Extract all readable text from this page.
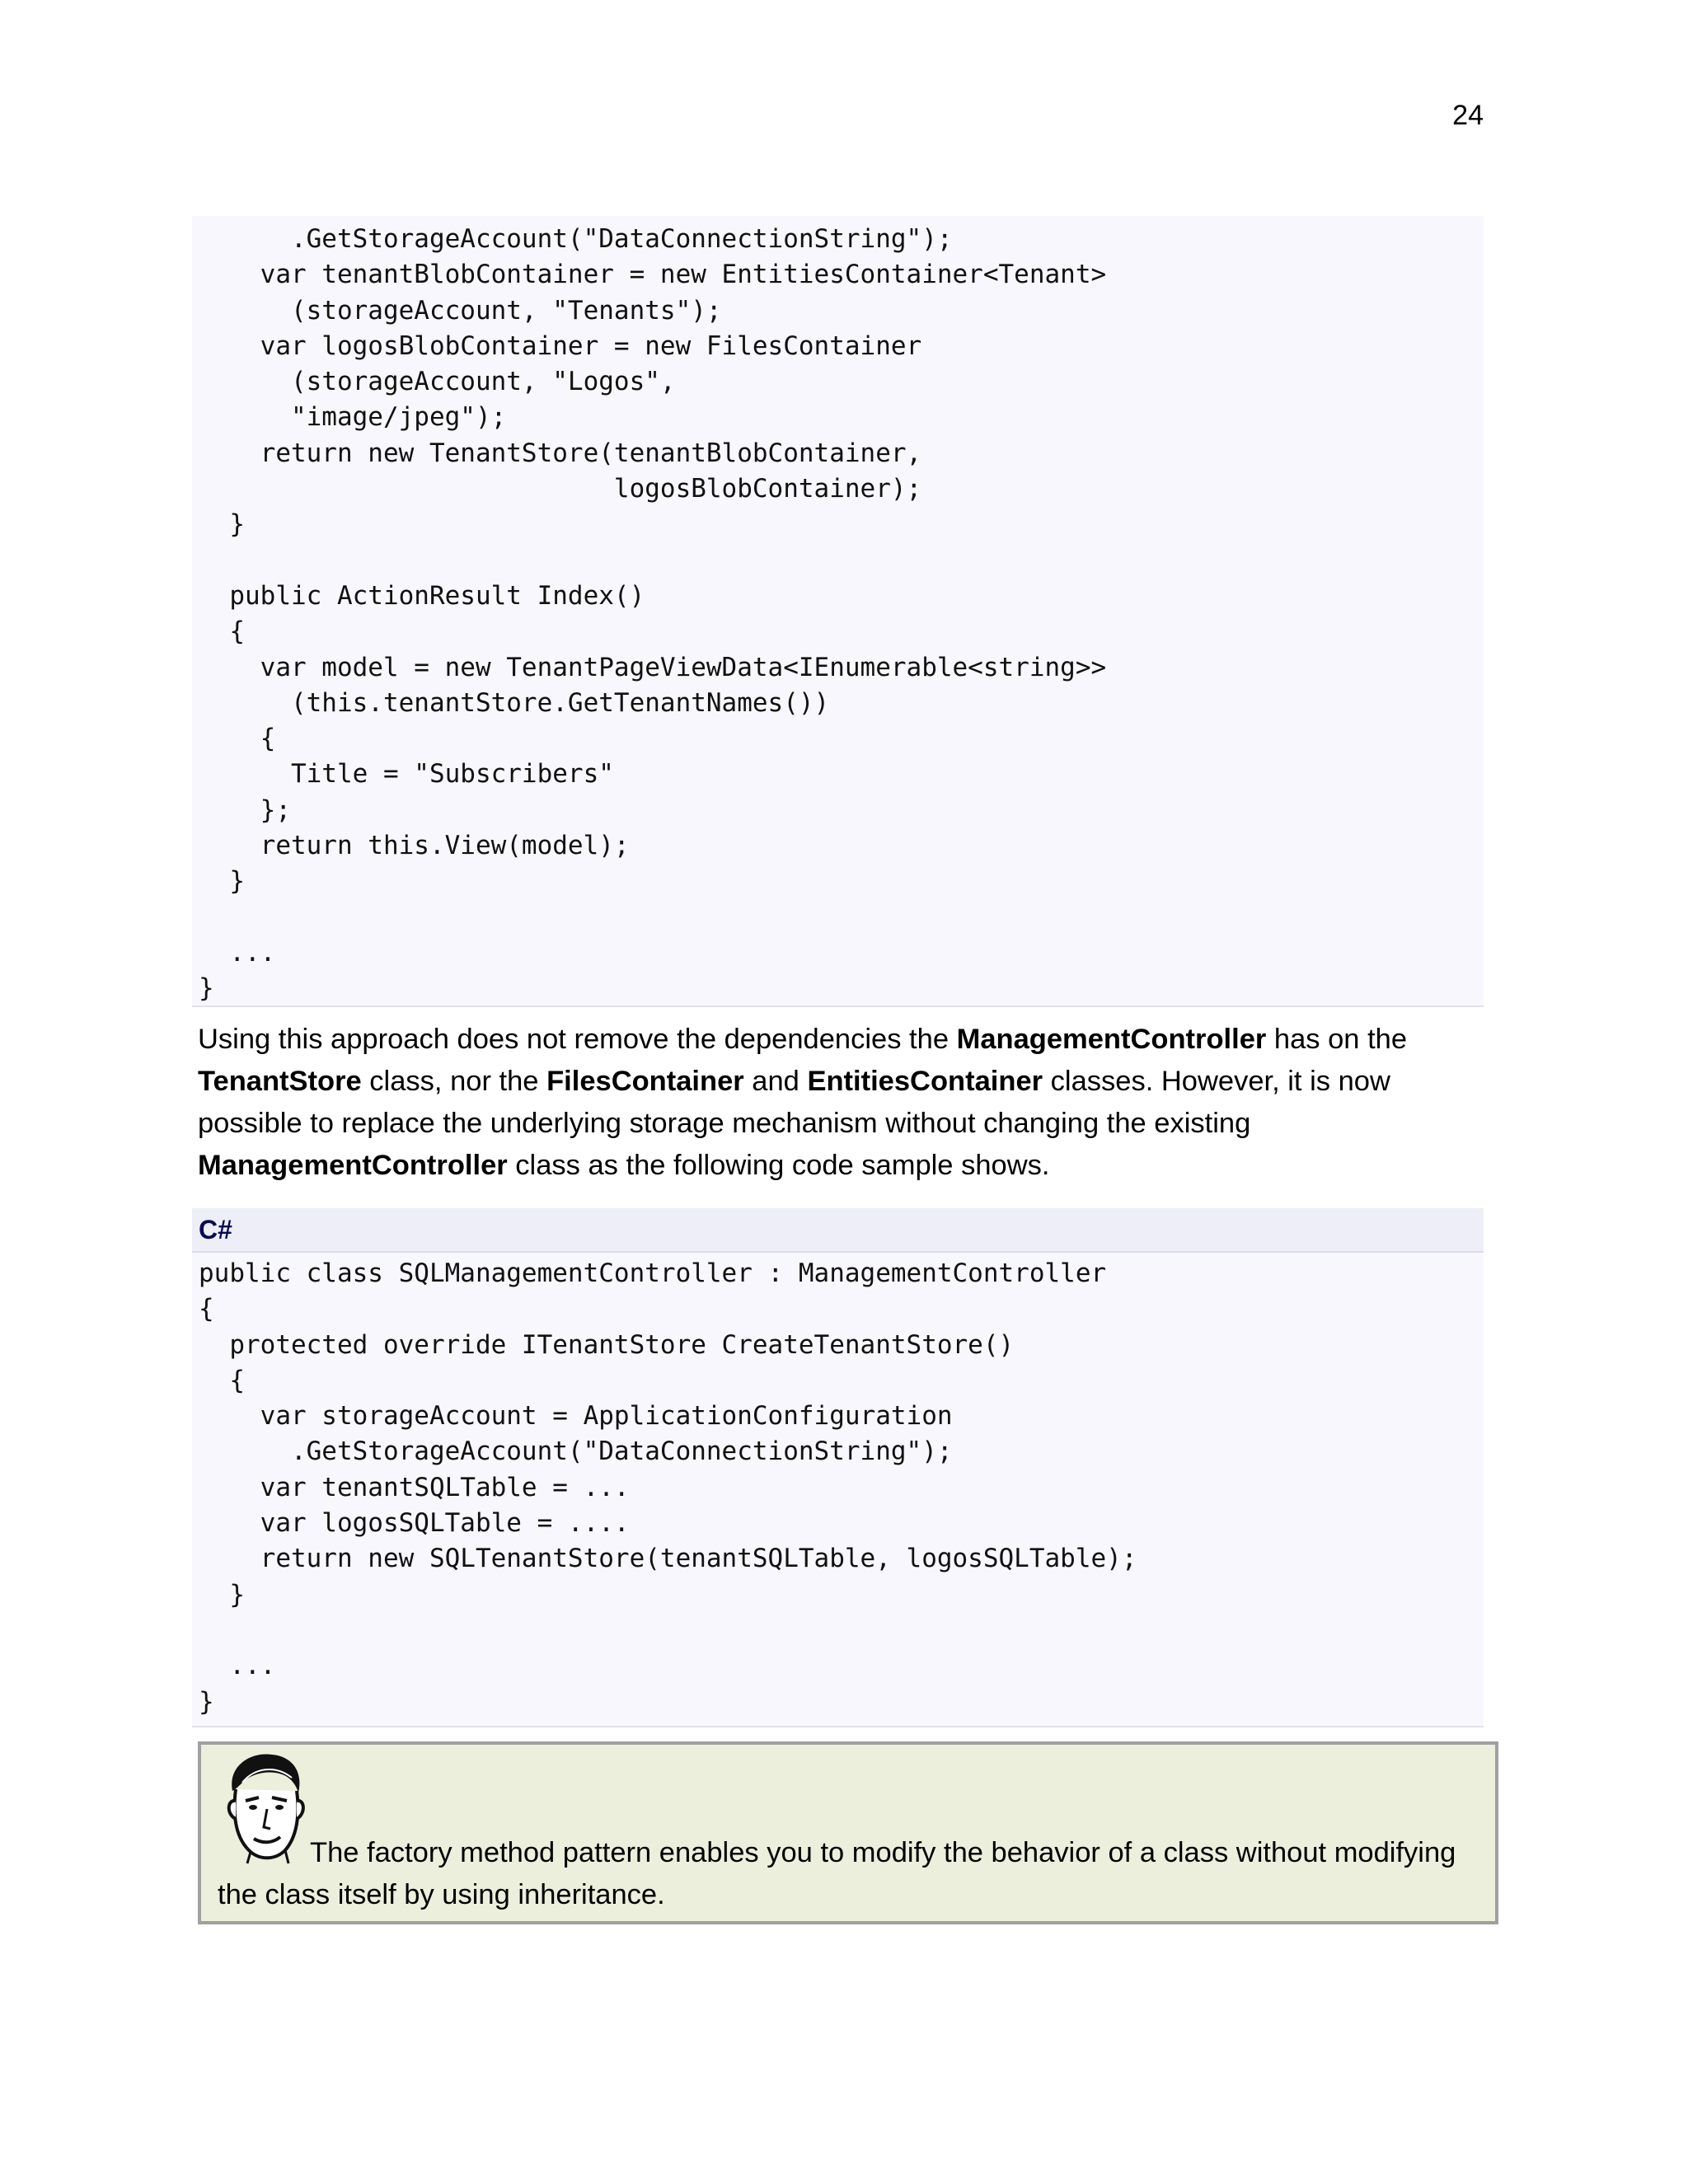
24
.GetStorageAccount("DataConnectionString");
var tenantBlobContainer = new EntitiesContainer<Tenant>
(storageAccount, "Tenants");
var logosBlobContainer = new FilesContainer
(storageAccount, "Logos",
"image/jpeg");
return new TenantStore(tenantBlobContainer,
logosBlobContainer);
}
public ActionResult Index()
{
var model = new TenantPageViewData<IEnumerable<string>>
(this.tenantStore.GetTenantNames())
{
Title = "Subscribers"
};
return this.View(model);
}
...
}

Using this approach does not remove the dependencies the ManagementController has on the TenantStore class, nor the FilesContainer and EntitiesContainer classes. However, it is now possible to replace the underlying storage mechanism without changing the existing ManagementController class as the following code sample shows.

C#
public class SQLManagementController : ManagementController
{
protected override ITenantStore CreateTenantStore()
{
var storageAccount = ApplicationConfiguration
.GetStorageAccount("DataConnectionString");
var tenantSQLTable = ...
var logosSQLTable = ....
return new SQLTenantStore(tenantSQLTable, logosSQLTable);
}
...
}

The factory method pattern enables you to modify the behavior of a class without modifying the class itself by using inheritance.
